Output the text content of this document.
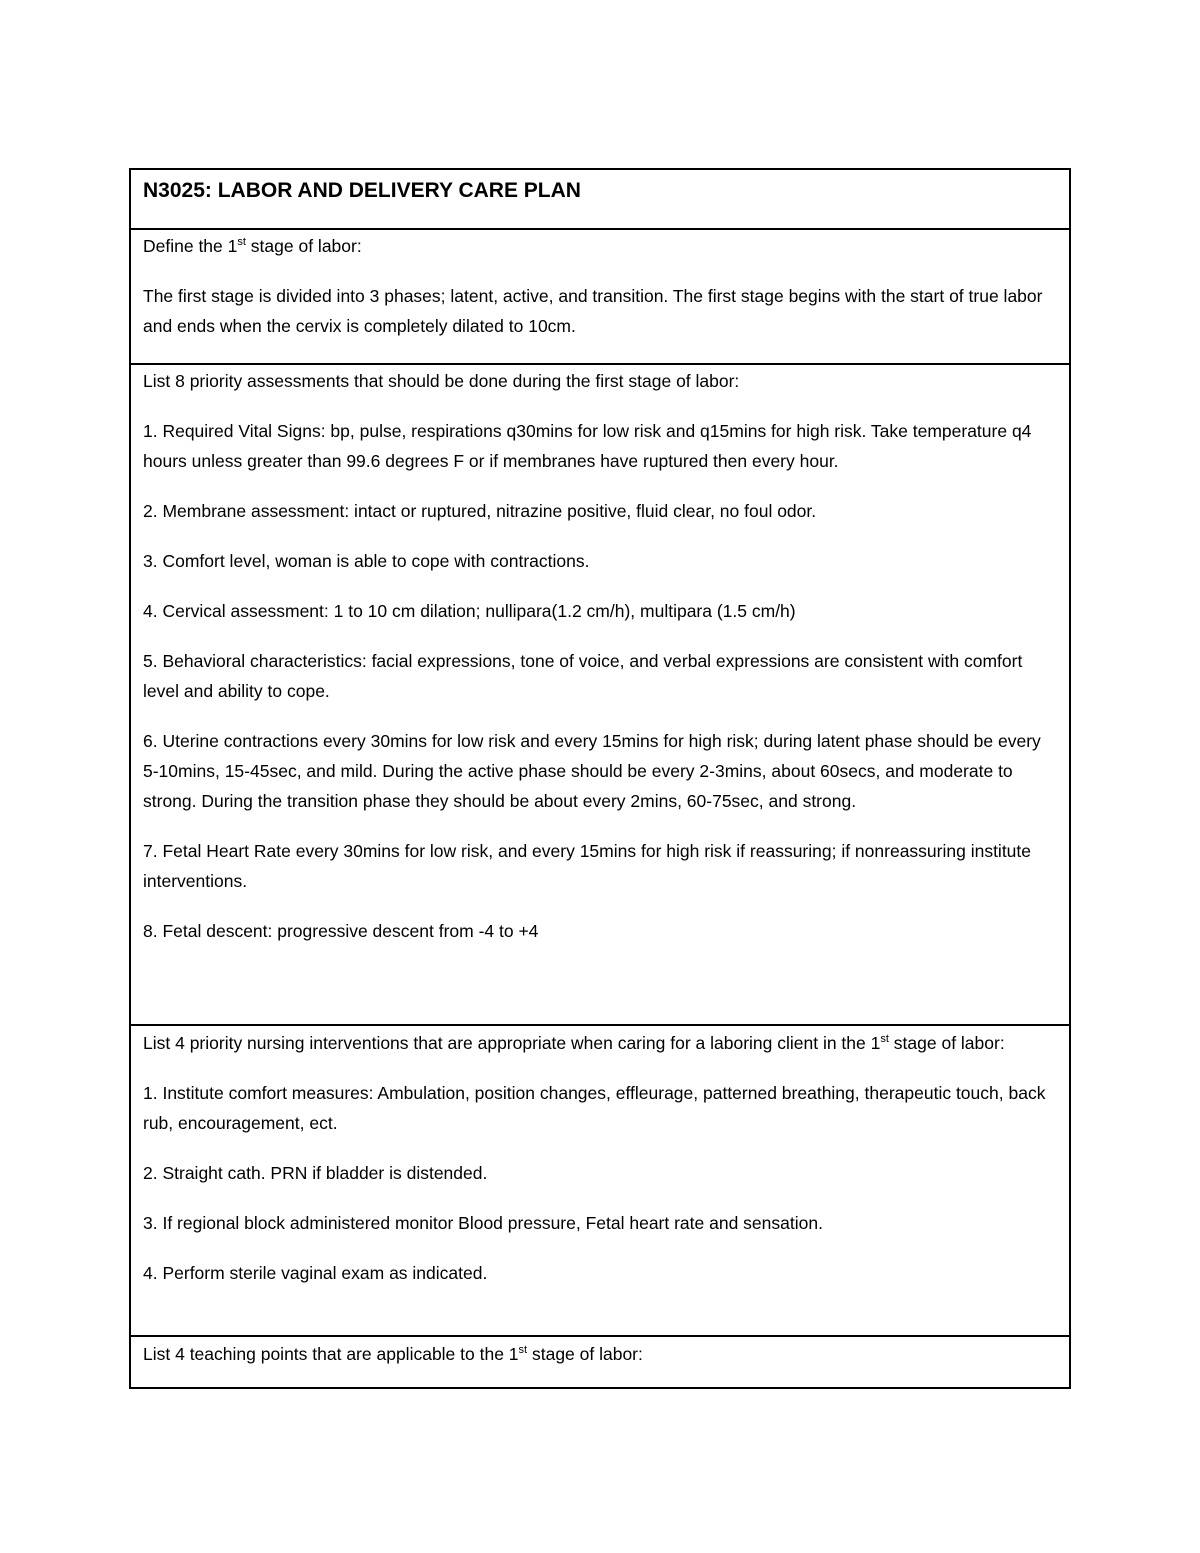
N3025: LABOR AND DELIVERY CARE PLAN

Define the 1st stage of labor:

The first stage is divided into 3 phases; latent, active, and transition. The first stage begins with the start of true labor and ends when the cervix is completely dilated to 10cm.

List 8 priority assessments that should be done during the first stage of labor:

1. Required Vital Signs: bp, pulse, respirations q30mins for low risk and q15mins for high risk. Take temperature q4 hours unless greater than 99.6 degrees F or if membranes have ruptured then every hour.

2. Membrane assessment: intact or ruptured, nitrazine positive, fluid clear, no foul odor.

3. Comfort level, woman is able to cope with contractions.

4. Cervical assessment: 1 to 10 cm dilation; nullipara(1.2 cm/h), multipara (1.5 cm/h)

5. Behavioral characteristics: facial expressions, tone of voice, and verbal expressions are consistent with comfort level and ability to cope.

6. Uterine contractions every 30mins for low risk and every 15mins for high risk; during latent phase should be every 5-10mins, 15-45sec, and mild. During the active phase should be every 2-3mins, about 60secs, and moderate to strong. During the transition phase they should be about every 2mins, 60-75sec, and strong.

7. Fetal Heart Rate every 30mins for low risk, and every 15mins for high risk if reassuring; if nonreassuring institute interventions.

8. Fetal descent: progressive descent from -4 to +4

List 4 priority nursing interventions that are appropriate when caring for a laboring client in the 1st stage of labor:

1. Institute comfort measures: Ambulation, position changes, effleurage, patterned breathing, therapeutic touch, back rub, encouragement, ect.

2. Straight cath. PRN if bladder is distended.

3. If regional block administered monitor Blood pressure, Fetal heart rate and sensation.

4. Perform sterile vaginal exam as indicated.

List 4 teaching points that are applicable to the 1st stage of labor:
